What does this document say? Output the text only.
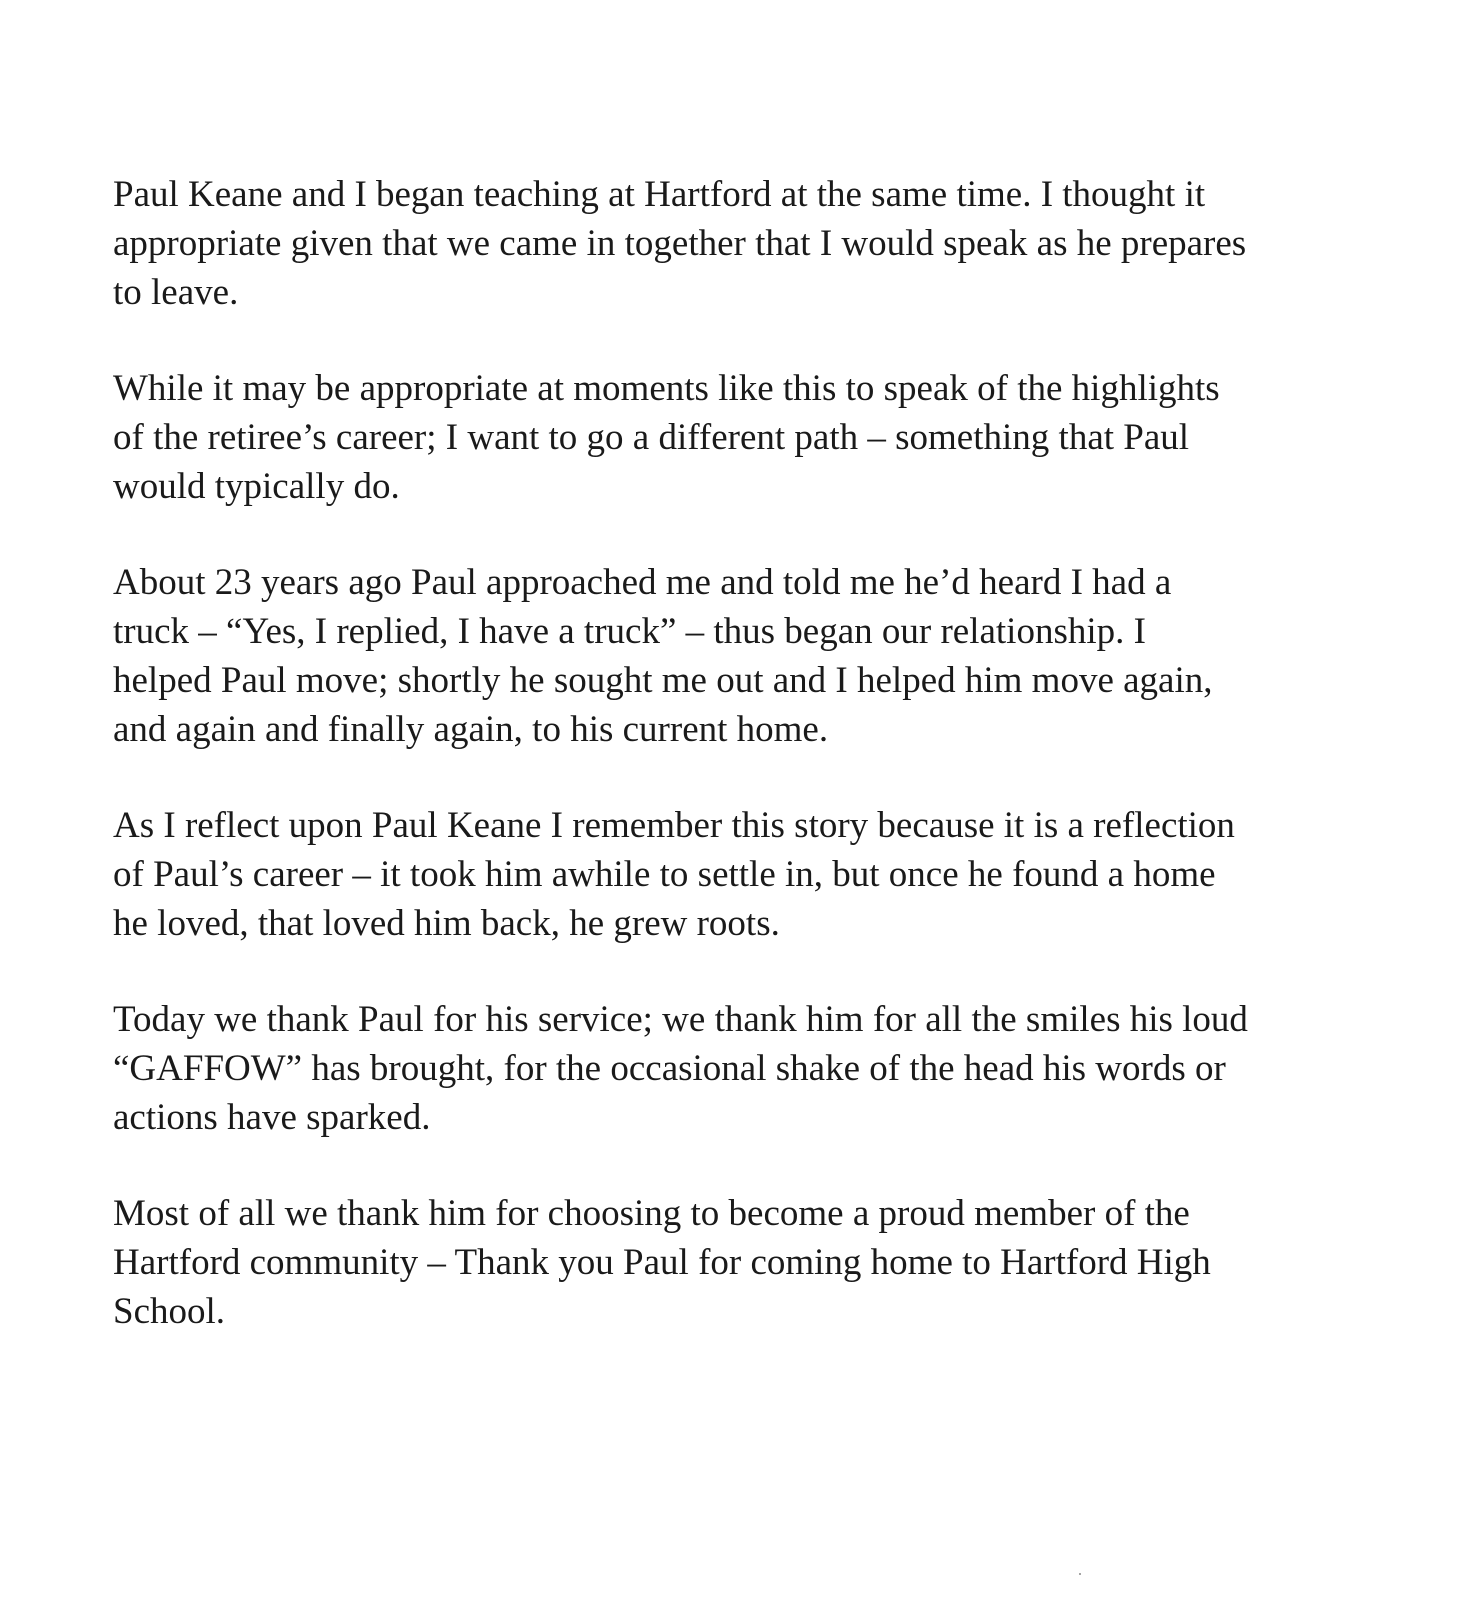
Paul Keane and I began teaching at Hartford at the same time. I thought it
appropriate given that we came in together that I would speak as he prepares
to leave.

While it may be appropriate at moments like this to speak of the highlights
of the retiree’s career; I want to go a different path – something that Paul
would typically do.

About 23 years ago Paul approached me and told me he’d heard I had a
truck – “Yes, I replied, I have a truck” – thus began our relationship. I
helped Paul move; shortly he sought me out and I helped him move again,
and again and finally again, to his current home.

As I reflect upon Paul Keane I remember this story because it is a reflection
of Paul’s career – it took him awhile to settle in, but once he found a home
he loved, that loved him back, he grew roots.

Today we thank Paul for his service; we thank him for all the smiles his loud
“GAFFOW” has brought, for the occasional shake of the head his words or
actions have sparked.

Most of all we thank him for choosing to become a proud member of the
Hartford community – Thank you Paul for coming home to Hartford High
School.
